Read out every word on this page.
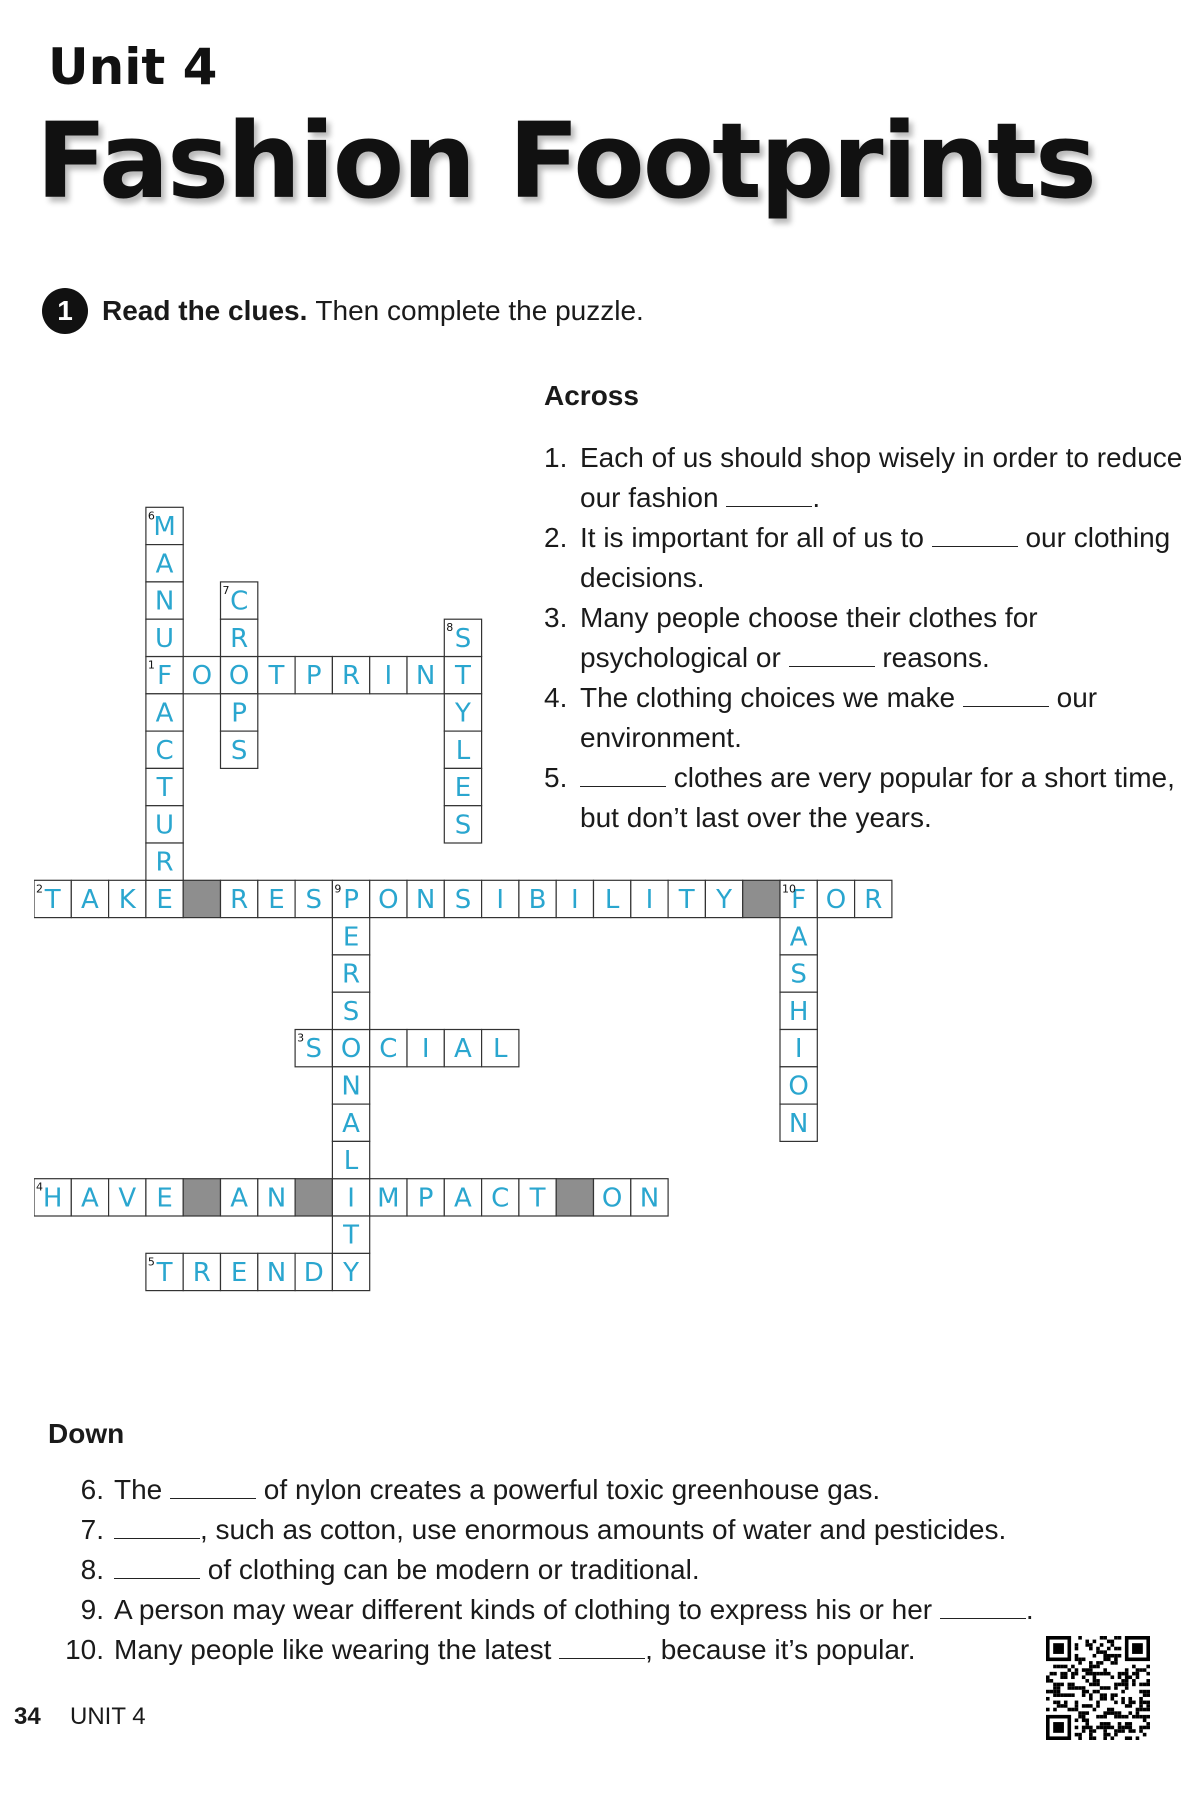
Unit 4
Fashion Footprints
1	Read the clues. Then complete the puzzle.
F
1 O O T P R I N T
T
2 A K E R E S P
9 O N S I B I L I T Y F
10 O R
S
3 O C I A L
H
4 A V E A N I M P A C T O N
T
5 R E N D Y
M
6
A
N
U
A
C
T
U
R
C
7
R
P
S
S
8
Y
L
E
S
E
R
S
N
A
L
T
A
S
H
I
O
N
Across
1. Each of us should shop wisely in order to reduce our fashion	.
2. It is important for all of us to	our clothing decisions.
3. Many people choose their clothes for psychological or	reasons.
4. The clothing choices we make	our environment.
5.	clothes are very popular for a short time, but don’t last over the years.
Down
6. The	of nylon creates a powerful toxic greenhouse gas.
7.	, such as cotton, use enormous amounts of water and pesticides.
8.	of clothing can be modern or traditional.
9. A person may wear different kinds of clothing to express his or her	.
10. Many people like wearing the latest	, because it’s popular.
34 UNIT 4
